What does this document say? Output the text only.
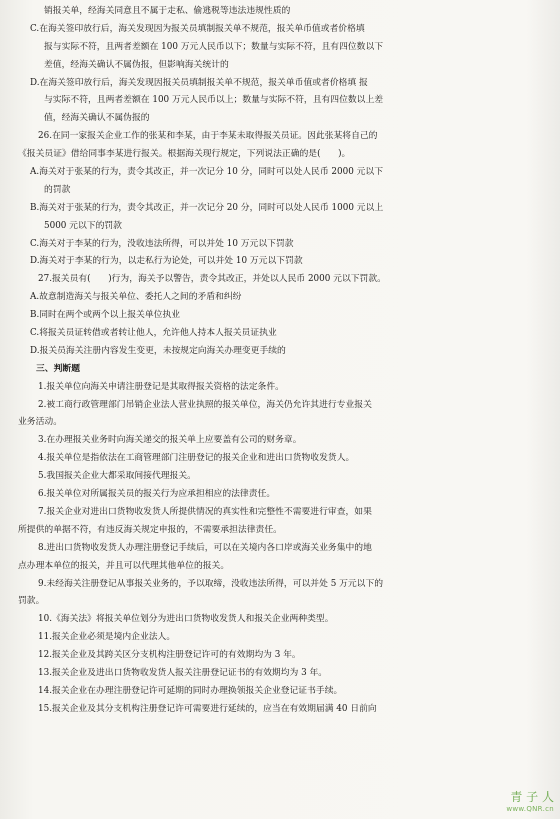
销报关单，经海关同意且不属于走私、偷逃税等违法违规性质的
C.在海关签印放行后，海关发现因为报关员填制报关单不规范，报关单币值或者价格填
报与实际不符，且两者差额在 100 万元人民币以下；数量与实际不符，且有四位数以下
差值，经海关确认不属伪报，但影响海关统计的
D.在海关签印放行后，海关发现因报关员填制报关单不规范，报关单币值或者价格填 报
与实际不符，且两者差额在 100 万元人民币以上；数量与实际不符，且有四位数以上差
值，经海关确认不属伪报的
26.在同一家报关企业工作的张某和李某，由于李某未取得报关员证。因此张某将自己的
《报关员证》借给同事李某进行报关。根据海关现行规定，下列说法正确的是(　　)。
A.海关对于张某的行为，责令其改正，并一次记分 10 分，同时可以处人民币 2000 元以下
的罚款
B.海关对于张某的行为，责令其改正，并一次记分 20 分，同时可以处人民币 1000 元以上
5000 元以下的罚款
C.海关对于李某的行为，没收违法所得，可以并处 10 万元以下罚款
D.海关对于李某的行为，以走私行为论处，可以并处 10 万元以下罚款
27.报关员有(　　)行为，海关予以警告，责令其改正，并处以人民币 2000 元以下罚款。
A.故意制造海关与报关单位、委托人之间的矛盾和纠纷
B.同时在两个或两个以上报关单位执业
C.将报关员证转借或者转让他人，允许他人持本人报关员证执业
D.报关员海关注册内容发生变更，未按规定向海关办理变更手续的
三、判断题
1.报关单位向海关申请注册登记是其取得报关资格的法定条件。
2.被工商行政管理部门吊销企业法人营业执照的报关单位，海关仍允许其进行专业报关
业务活动。
3.在办理报关业务时向海关递交的报关单上应要盖有公司的财务章。
4.报关单位是指依法在工商管理部门注册登记的报关企业和进出口货物收发货人。
5.我国报关企业大都采取间接代理报关。
6.报关单位对所属报关员的报关行为应承担相应的法律责任。
7.报关企业对进出口货物收发货人所提供情况的真实性和完整性不需要进行审查，如果
所提供的单据不符，有违反海关规定申报的，不需要承担法律责任。
8.进出口货物收发货人办理注册登记手续后，可以在关境内各口岸或海关业务集中的地
点办理本单位的报关，并且可以代理其他单位的报关。
9.未经海关注册登记从事报关业务的，予以取缔，没收违法所得，可以并处 5 万元以下的
罚款。
10.《海关法》将报关单位划分为进出口货物收发货人和报关企业两种类型。
11.报关企业必须是境内企业法人。
12.报关企业及其跨关区分支机构注册登记许可的有效期均为 3 年。
13.报关企业及进出口货物收发货人报关注册登记证书的有效期均为 3 年。
14.报关企业在办理注册登记许可延期的同时办理换领报关企业登记证书手续。
15.报关企业及其分支机构注册登记许可需要进行延续的，应当在有效期届满 40 日前向
青 子 人
www.QNR.cn
